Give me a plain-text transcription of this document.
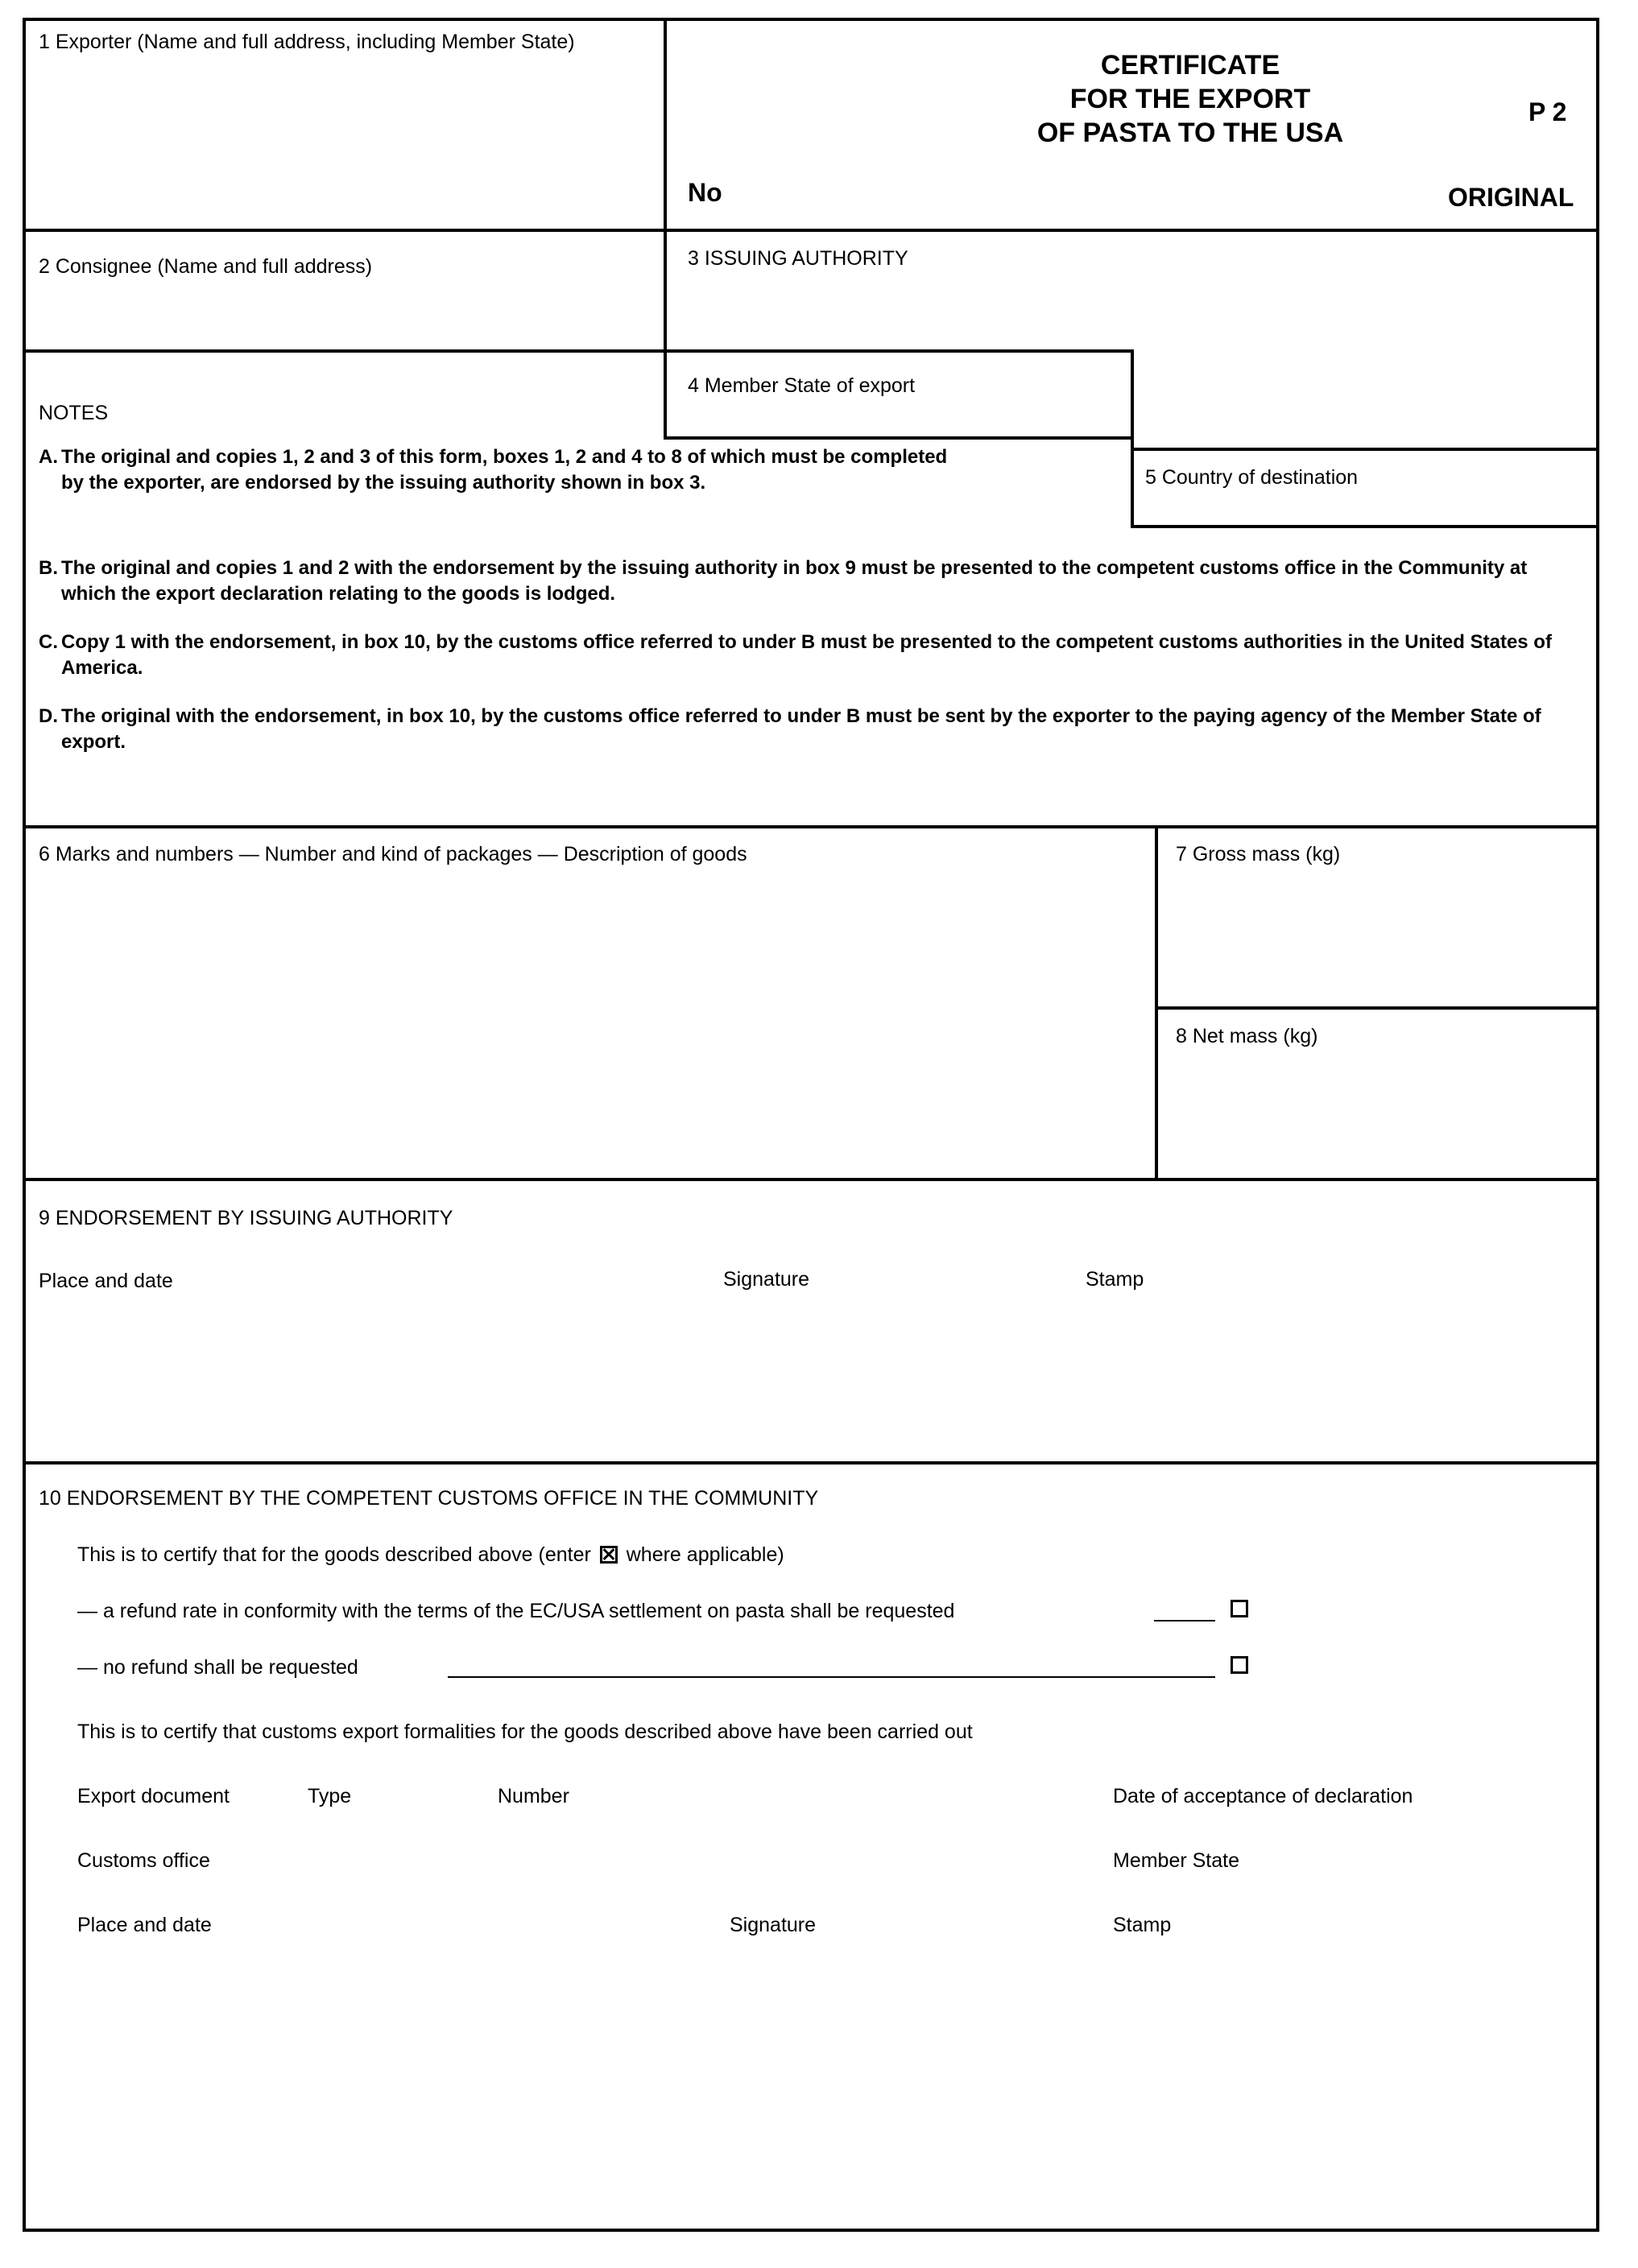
1 Exporter (Name and full address, including Member State)
CERTIFICATE
FOR THE EXPORT
OF PASTA TO THE USA
P 2
No	ORIGINAL
2 Consignee (Name and full address)	3 ISSUING AUTHORITY
4 Member State of export
5 Country of destination
NOTES
A. The original and copies 1, 2 and 3 of this form, boxes 1, 2 and 4 to 8 of which must be completed by the exporter, are endorsed by the issuing authority shown in box 3.
B. The original and copies 1 and 2 with the endorsement by the issuing authority in box 9 must be presented to the competent customs office in the Community at which the export declaration relating to the goods is lodged.
C. Copy 1 with the endorsement, in box 10, by the customs office referred to under B must be presented to the competent customs authorities in the United States of America.
D. The original with the endorsement, in box 10, by the customs office referred to under B must be sent by the exporter to the paying agency of the Member State of export.
6 Marks and numbers — Number and kind of packages — Description of goods	7 Gross mass (kg)
8 Net mass (kg)
9 ENDORSEMENT BY ISSUING AUTHORITY
Place and date	Signature	Stamp
10 ENDORSEMENT BY THE COMPETENT CUSTOMS OFFICE IN THE COMMUNITY
This is to certify that for the goods described above (enter ☒ where applicable)
— a refund rate in conformity with the terms of the EC/USA settlement on pasta shall be requested
— no refund shall be requested
This is to certify that customs export formalities for the goods described above have been carried out
Export document	Type	Number	Date of acceptance of declaration
Customs office	Member State
Place and date	Signature	Stamp
